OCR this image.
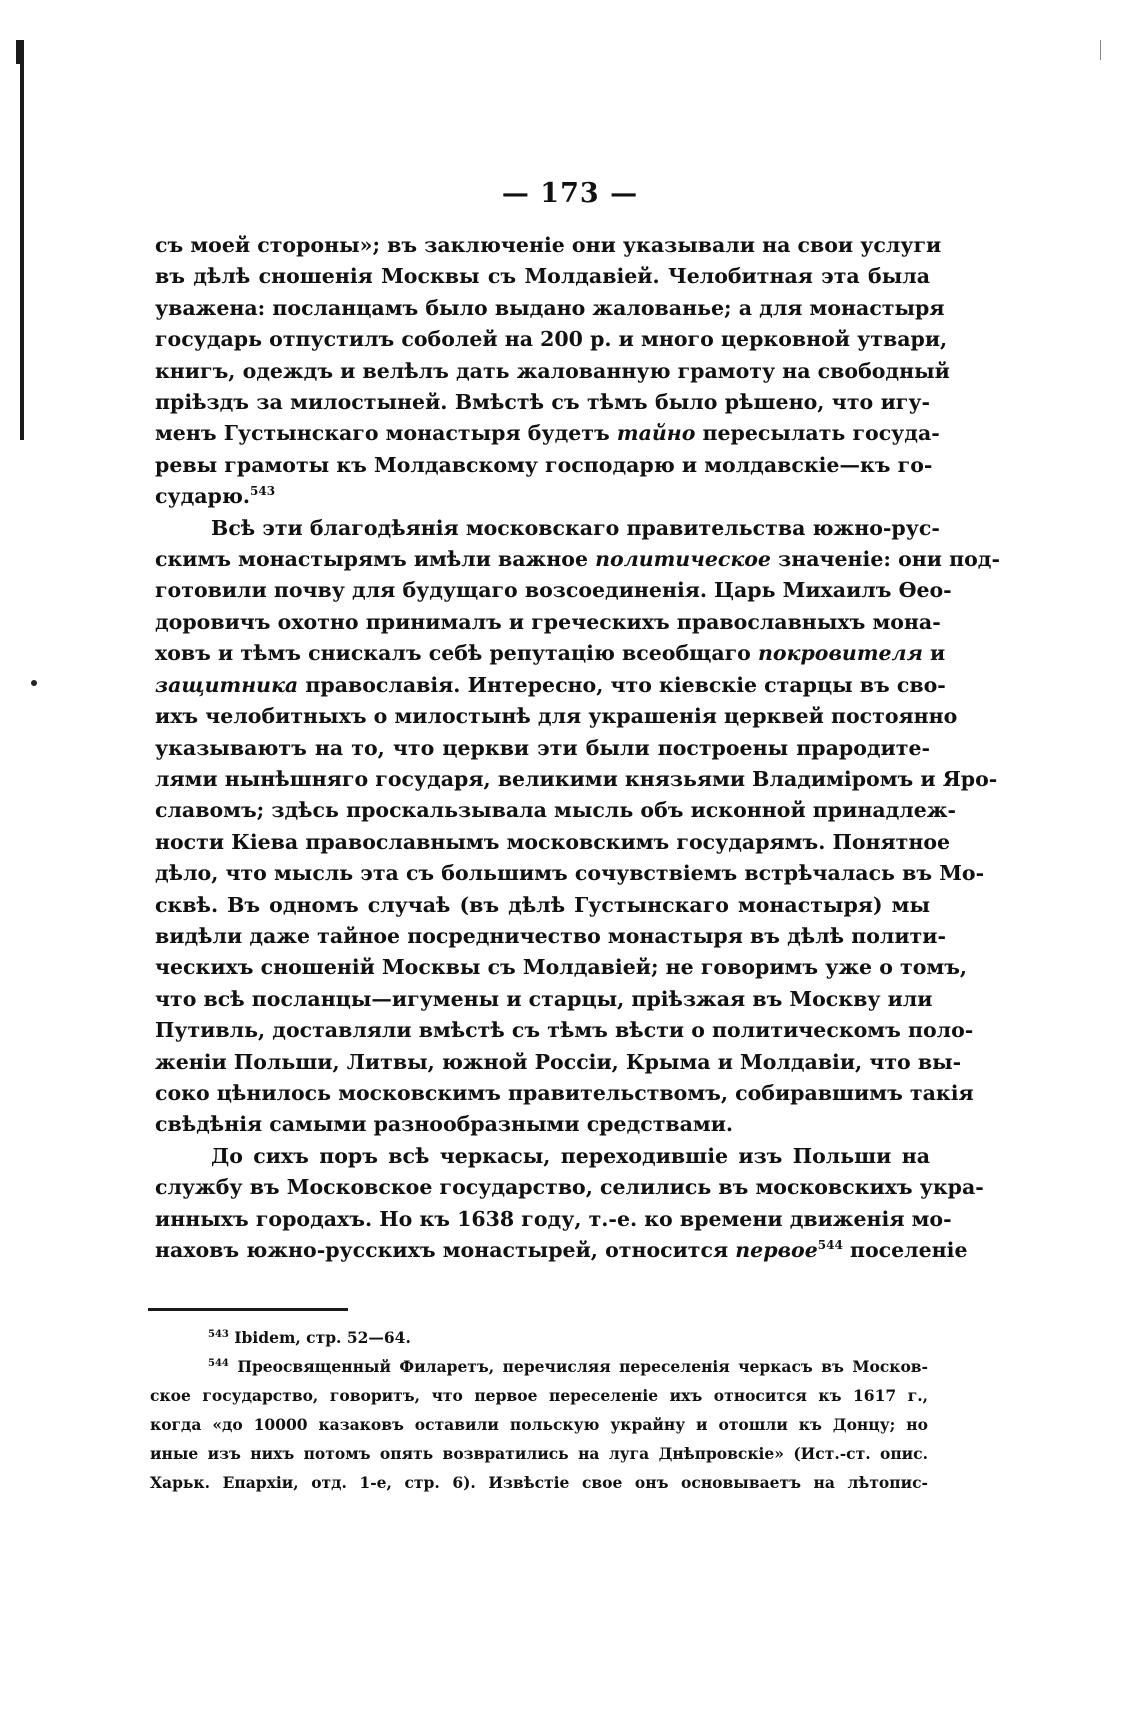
— 173 —
съ моей стороны»; въ заключеніе они указывали на свои услуги
въ дѣлѣ сношенія Москвы съ Молдавіей. Челобитная эта была
уважена: посланцамъ было выдано жалованье; а для монастыря
государь отпустилъ соболей на 200 р. и много церковной утвари,
книгъ, одеждъ и велѣлъ дать жалованную грамоту на свободный
пріѣздъ за милостыней. Вмѣстѣ съ тѣмъ было рѣшено, что игу-
менъ Густынскаго монастыря будетъ тайно пересылать госуда-
ревы грамоты къ Молдавскому господарю и молдавскіе—къ го-
сударю.$^{543}$
Всѣ эти благодѣянія московскаго правительства южно-рус-
скимъ монастырямъ имѣли важное политическое значеніе: они под-
готовили почву для будущаго возсоединенія. Царь Михаилъ Ѳео-
доровичъ охотно принималъ и греческихъ православныхъ мона-
ховъ и тѣмъ снискалъ себѣ репутацію всеобщаго покровителя и
защитника православія. Интересно, что кіевскіе старцы въ сво-
ихъ челобитныхъ о милостынѣ для украшенія церквей постоянно
указываютъ на то, что церкви эти были построены прародите-
лями нынѣшняго государя, великими князьями Владиміромъ и Яро-
славомъ; здѣсь проскальзывала мысль объ исконной принадлеж-
ности Кіева православнымъ московскимъ государямъ. Понятное
дѣло, что мысль эта съ большимъ сочувствіемъ встрѣчалась въ Мо-
сквѣ. Въ одномъ случаѣ (въ дѣлѣ Густынскаго монастыря) мы
видѣли даже тайное посредничество монастыря въ дѣлѣ полити-
ческихъ сношеній Москвы съ Молдавіей; не говоримъ уже о томъ,
что всѣ посланцы—игумены и старцы, пріѣзжая въ Москву или
Путивль, доставляли вмѣстѣ съ тѣмъ вѣсти о политическомъ поло-
женіи Польши, Литвы, южной Россіи, Крыма и Молдавіи, что вы-
соко цѣнилось московскимъ правительствомъ, собиравшимъ такія
свѣдѣнія самыми разнообразными средствами.
До сихъ поръ всѣ черкасы, переходившіе изъ Польши на
службу въ Московское государство, селились въ московскихъ укра-
инныхъ городахъ. Но къ 1638 году, т.-е. ко времени движенія мо-
наховъ южно-русскихъ монастырей, относится первое$^{544}$ поселеніе
$^{543}$ Ibidem, стр. 52—64.
$^{544}$ Преосвященный Филаретъ, перечисляя переселенія черкасъ въ Москов-
ское государство, говоритъ, что первое переселеніе ихъ относится къ 1617 г.,
когда «до 10000 казаковъ оставили польскую украйну и отошли къ Донцу; но
иные изъ нихъ потомъ опять возвратились на луга Днѣпровскіе» (Ист.-ст. опис.
Харьк. Епархіи, отд. 1-е, стр. 6). Извѣстіе свое онъ основываетъ на лѣтопис-
